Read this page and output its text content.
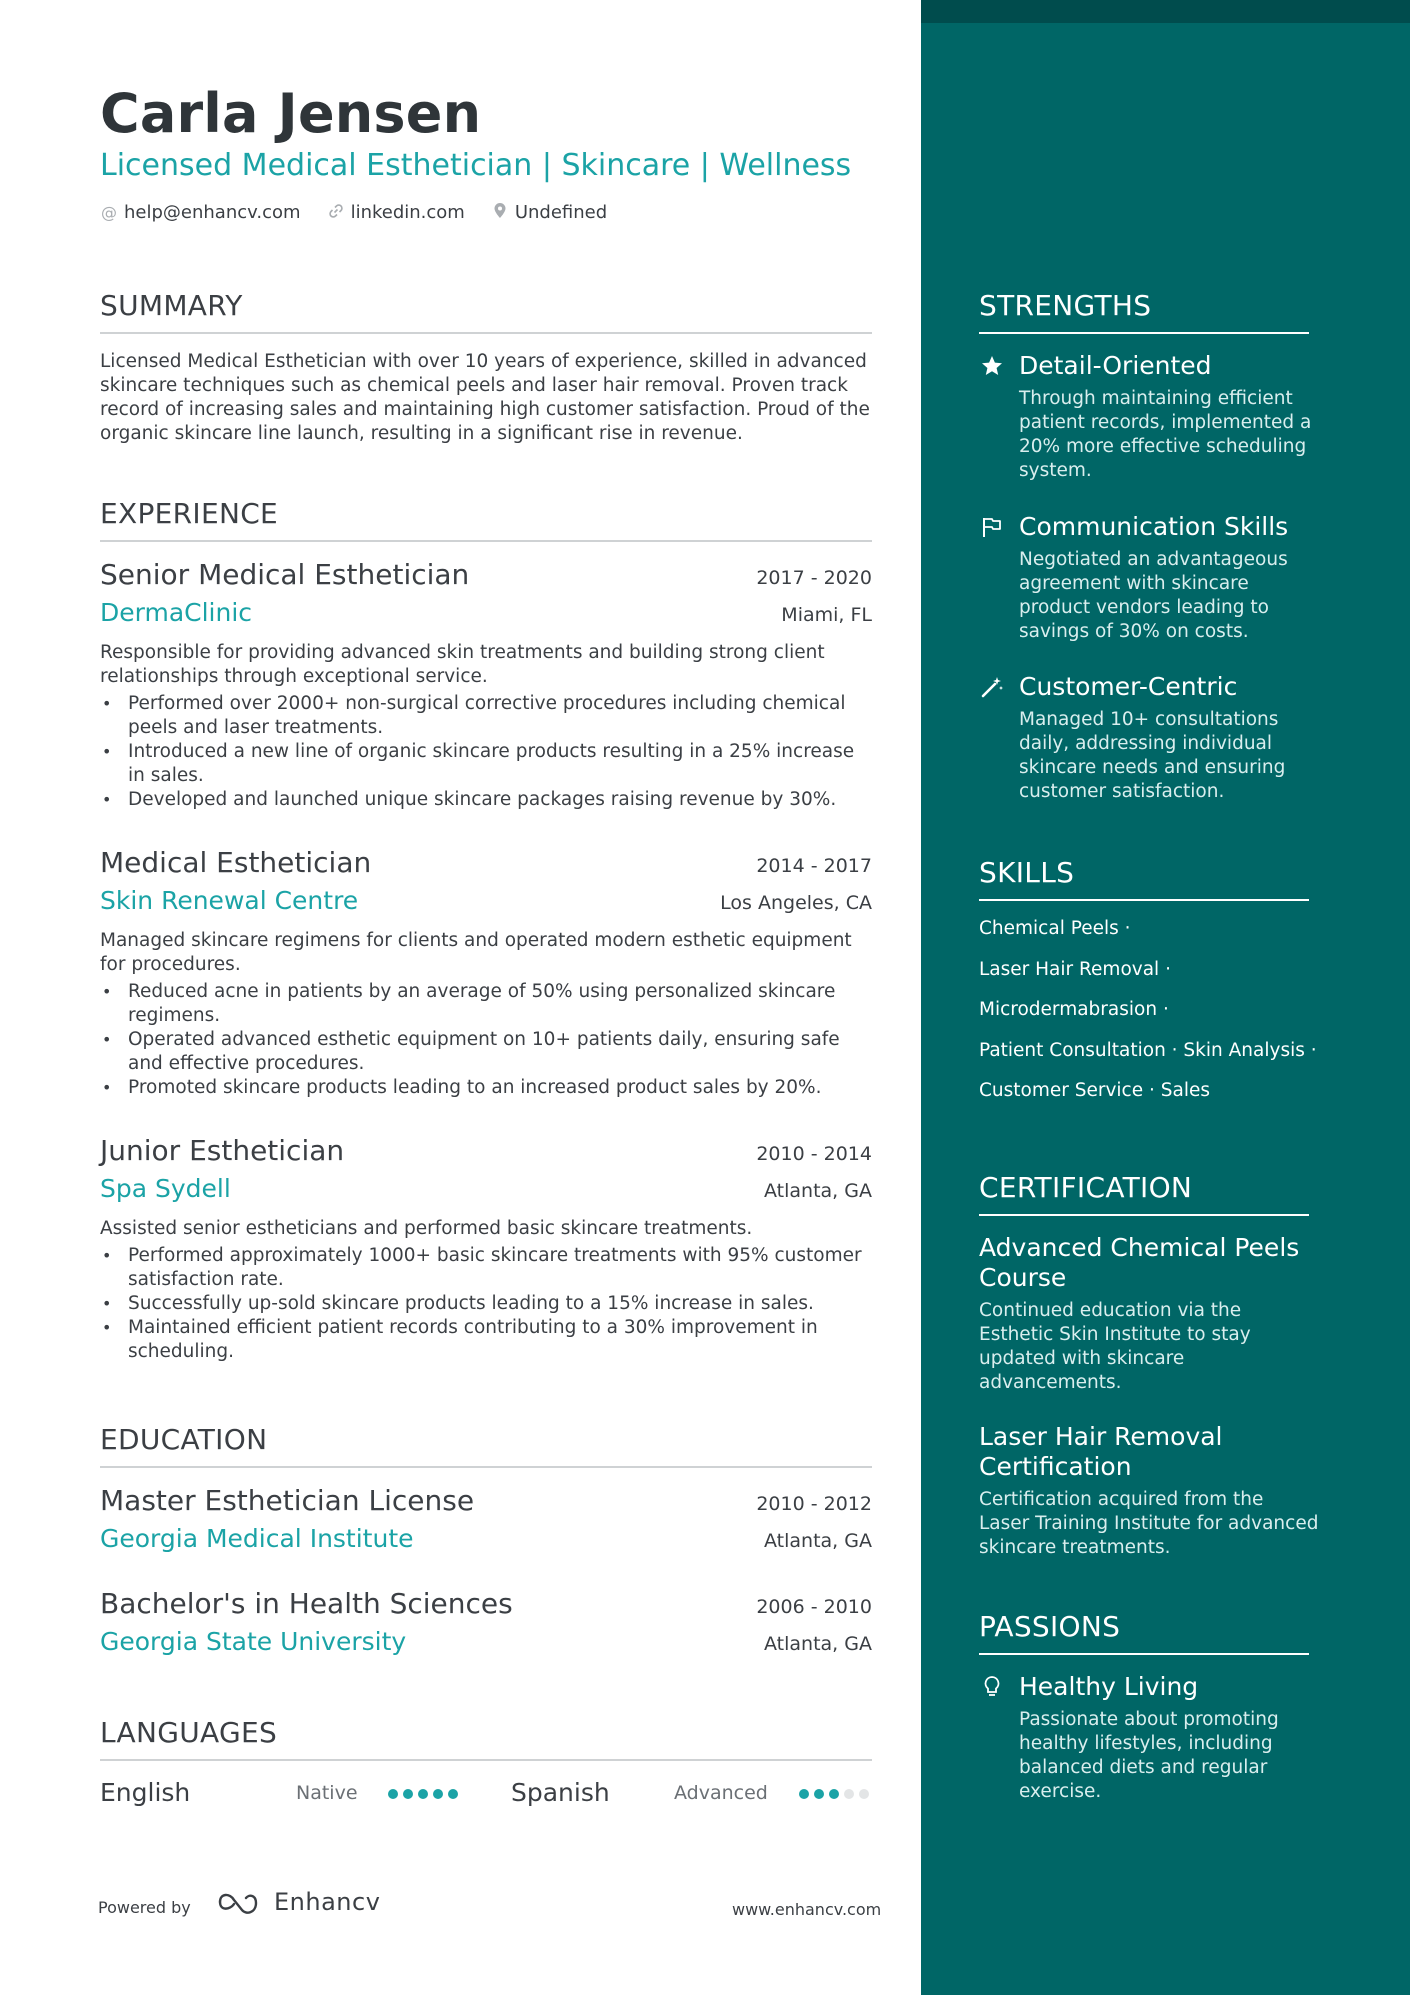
Carla Jensen
Licensed Medical Esthetician | Skincare | Wellness
@ help@enhancv.com	linkedin.com	Undefined
SUMMARY
Licensed Medical Esthetician with over 10 years of experience, skilled in advanced skincare techniques such as chemical peels and laser hair removal. Proven track record of increasing sales and maintaining high customer satisfaction. Proud of the organic skincare line launch, resulting in a significant rise in revenue.
EXPERIENCE
Senior Medical Esthetician	2017 - 2020
DermaClinic	Miami, FL
Responsible for providing advanced skin treatments and building strong client relationships through exceptional service.
• Performed over 2000+ non-surgical corrective procedures including chemical peels and laser treatments.
• Introduced a new line of organic skincare products resulting in a 25% increase in sales.
• Developed and launched unique skincare packages raising revenue by 30%.
Medical Esthetician	2014 - 2017
Skin Renewal Centre	Los Angeles, CA
Managed skincare regimens for clients and operated modern esthetic equipment for procedures.
• Reduced acne in patients by an average of 50% using personalized skincare regimens.
• Operated advanced esthetic equipment on 10+ patients daily, ensuring safe and effective procedures.
• Promoted skincare products leading to an increased product sales by 20%.
Junior Esthetician	2010 - 2014
Spa Sydell	Atlanta, GA
Assisted senior estheticians and performed basic skincare treatments.
• Performed approximately 1000+ basic skincare treatments with 95% customer satisfaction rate.
• Successfully up-sold skincare products leading to a 15% increase in sales.
• Maintained efficient patient records contributing to a 30% improvement in scheduling.
EDUCATION
Master Esthetician License	2010 - 2012
Georgia Medical Institute	Atlanta, GA
Bachelor's in Health Sciences	2006 - 2010
Georgia State University	Atlanta, GA
LANGUAGES
English	Native	Spanish	Advanced
Powered by	Enhancv	www.enhancv.com
STRENGTHS
Detail-Oriented
Through maintaining efficient patient records, implemented a 20% more effective scheduling system.
Communication Skills
Negotiated an advantageous agreement with skincare product vendors leading to savings of 30% on costs.
Customer-Centric
Managed 10+ consultations daily, addressing individual skincare needs and ensuring customer satisfaction.
SKILLS
Chemical Peels ·
Laser Hair Removal ·
Microdermabrasion ·
Patient Consultation · Skin Analysis ·
Customer Service · Sales
CERTIFICATION
Advanced Chemical Peels Course
Continued education via the Esthetic Skin Institute to stay updated with skincare advancements.
Laser Hair Removal Certification
Certification acquired from the Laser Training Institute for advanced skincare treatments.
PASSIONS
Healthy Living
Passionate about promoting healthy lifestyles, including balanced diets and regular exercise.
